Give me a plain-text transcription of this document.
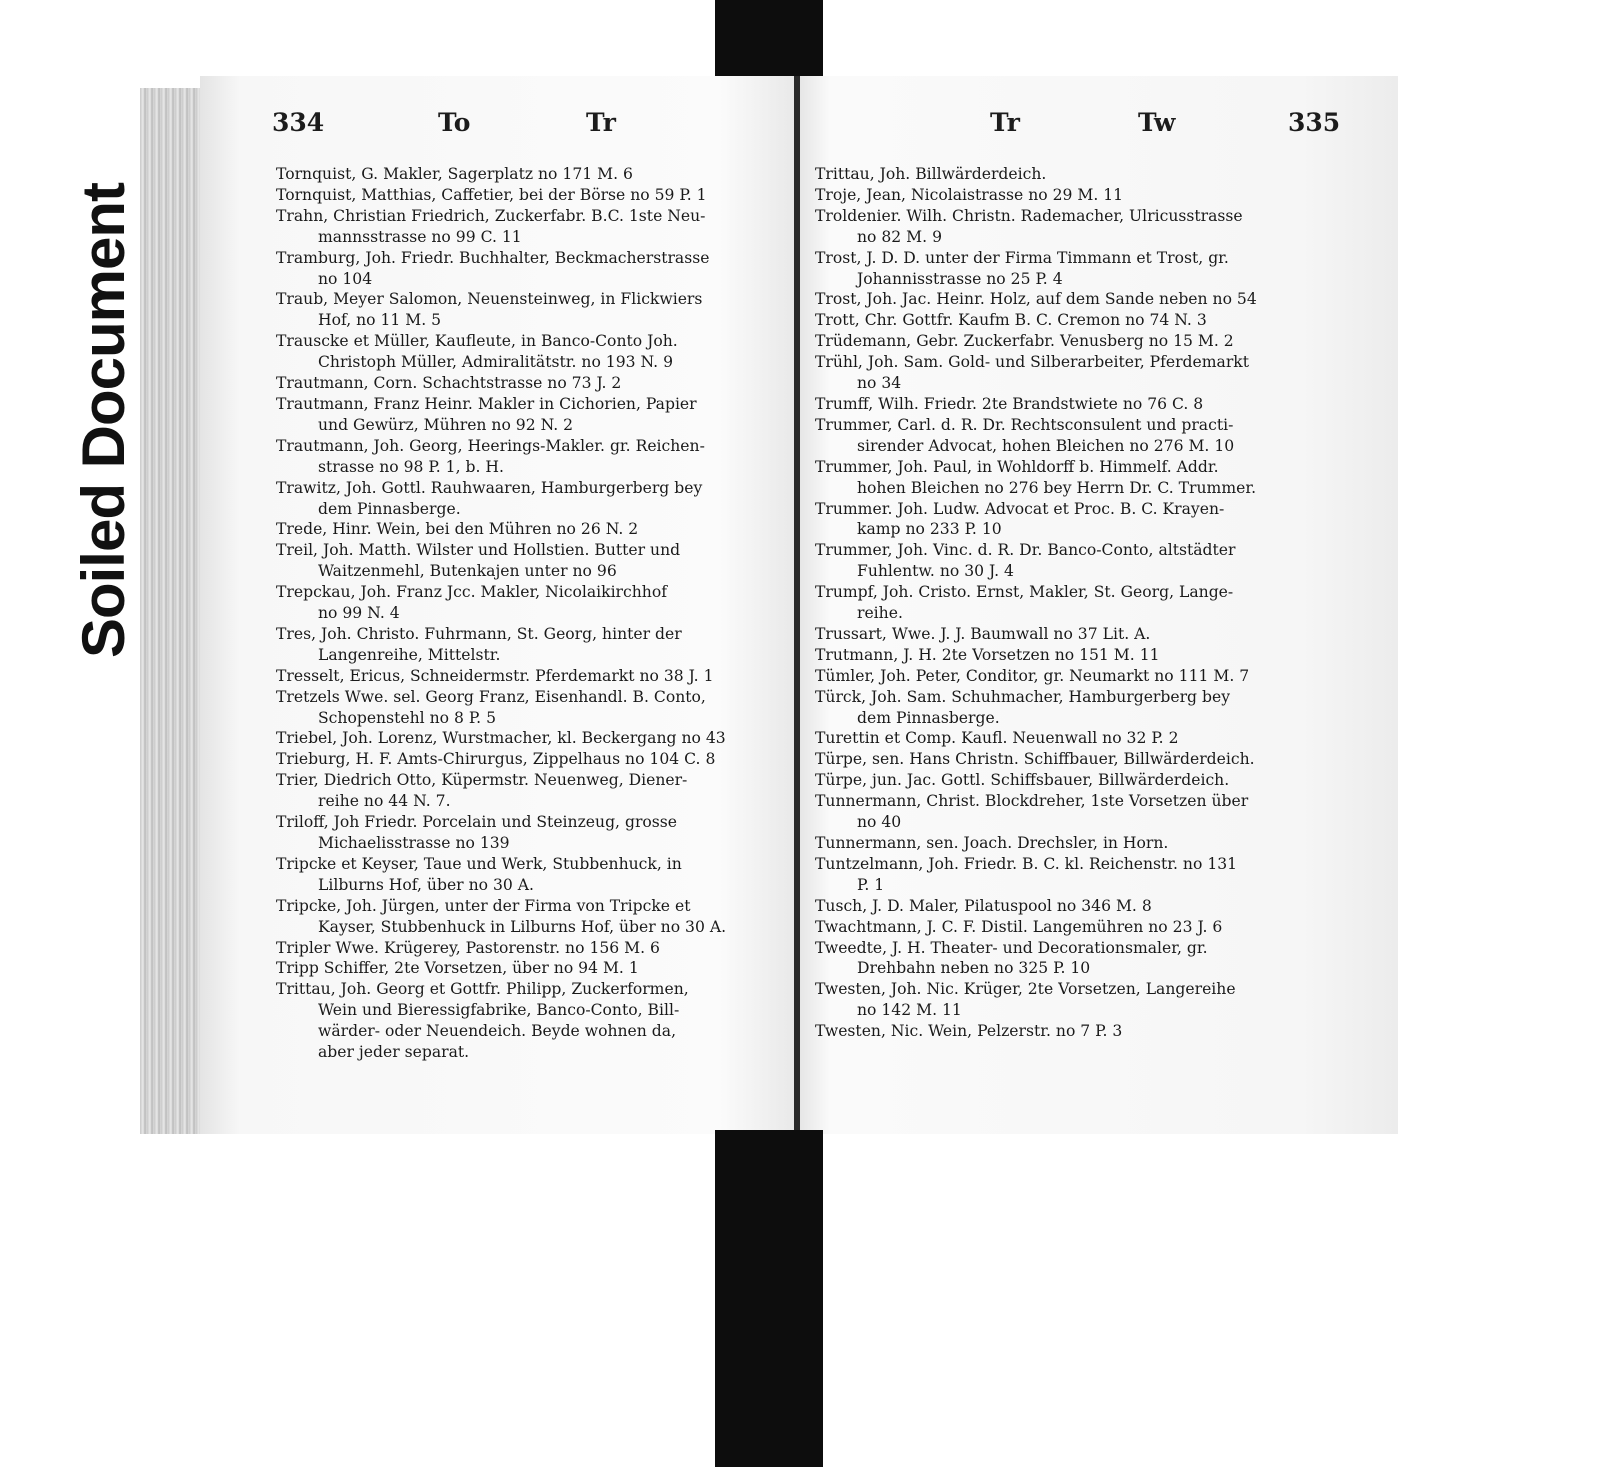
Soiled Document
334	To	Tr	Tr	Tw	335
Tornquist, G. Makler, Sagerplatz no 171 M. 6
Tornquist, Matthias, Caffetier, bei der Börse no 59 P. 1
Trahn, Christian Friedrich, Zuckerfabr. B.C. 1ste Neu-
mannsstrasse no 99 C. 11
Tramburg, Joh. Friedr. Buchhalter, Beckmacherstrasse
no 104
Traub, Meyer Salomon, Neuensteinweg, in Flickwiers
Hof, no 11 M. 5
Trauscke et Müller, Kaufleute, in Banco-Conto Joh.
Christoph Müller, Admiralitätstr. no 193 N. 9
Trautmann, Corn. Schachtstrasse no 73 J. 2
Trautmann, Franz Heinr. Makler in Cichorien, Papier
und Gewürz, Mühren no 92 N. 2
Trautmann, Joh. Georg, Heerings-Makler. gr. Reichen-
strasse no 98 P. 1, b. H.
Trawitz, Joh. Gottl. Rauhwaaren, Hamburgerberg bey
dem Pinnasberge.
Trede, Hinr. Wein, bei den Mühren no 26 N. 2
Treil, Joh. Matth. Wilster und Hollstien. Butter und
Waitzenmehl, Butenkajen unter no 96
Trepckau, Joh. Franz Jcc. Makler, Nicolaikirchhof
no 99 N. 4
Tres, Joh. Christo. Fuhrmann, St. Georg, hinter der
Langenreihe, Mittelstr.
Tresselt, Ericus, Schneidermstr. Pferdemarkt no 38 J. 1
Tretzels Wwe. sel. Georg Franz, Eisenhandl. B. Conto,
Schopenstehl no 8 P. 5
Triebel, Joh. Lorenz, Wurstmacher, kl. Beckergang no 43
Trieburg, H. F. Amts-Chirurgus, Zippelhaus no 104 C. 8
Trier, Diedrich Otto, Küpermstr. Neuenweg, Diener-
reihe no 44 N. 7.
Triloff, Joh Friedr. Porcelain und Steinzeug, grosse
Michaelisstrasse no 139
Tripcke et Keyser, Taue und Werk, Stubbenhuck, in
Lilburns Hof, über no 30 A.
Tripcke, Joh. Jürgen, unter der Firma von Tripcke et
Kayser, Stubbenhuck in Lilburns Hof, über no 30 A.
Tripler Wwe. Krügerey, Pastorenstr. no 156 M. 6
Tripp Schiffer, 2te Vorsetzen, über no 94 M. 1
Trittau, Joh. Georg et Gottfr. Philipp, Zuckerformen,
Wein und Bieressigfabrike, Banco-Conto, Bill-
wärder- oder Neuendeich. Beyde wohnen da,
aber jeder separat.
Trittau, Joh. Billwärderdeich.
Troje, Jean, Nicolaistrasse no 29 M. 11
Troldenier. Wilh. Christn. Rademacher, Ulricusstrasse
no 82 M. 9
Trost, J. D. D. unter der Firma Timmann et Trost, gr.
Johannisstrasse no 25 P. 4
Trost, Joh. Jac. Heinr. Holz, auf dem Sande neben no 54
Trott, Chr. Gottfr. Kaufm B. C. Cremon no 74 N. 3
Trüdemann, Gebr. Zuckerfabr. Venusberg no 15 M. 2
Trühl, Joh. Sam. Gold- und Silberarbeiter, Pferdemarkt
no 34
Trumff, Wilh. Friedr. 2te Brandstwiete no 76 C. 8
Trummer, Carl. d. R. Dr. Rechtsconsulent und practi-
sirender Advocat, hohen Bleichen no 276 M. 10
Trummer, Joh. Paul, in Wohldorff b. Himmelf. Addr.
hohen Bleichen no 276 bey Herrn Dr. C. Trummer.
Trummer. Joh. Ludw. Advocat et Proc. B. C. Krayen-
kamp no 233 P. 10
Trummer, Joh. Vinc. d. R. Dr. Banco-Conto, altstädter
Fuhlentw. no 30 J. 4
Trumpf, Joh. Cristo. Ernst, Makler, St. Georg, Lange-
reihe.
Trussart, Wwe. J. J. Baumwall no 37 Lit. A.
Trutmann, J. H. 2te Vorsetzen no 151 M. 11
Tümler, Joh. Peter, Conditor, gr. Neumarkt no 111 M. 7
Türck, Joh. Sam. Schuhmacher, Hamburgerberg bey
dem Pinnasberge.
Turettin et Comp. Kaufl. Neuenwall no 32 P. 2
Türpe, sen. Hans Christn. Schiffbauer, Billwärderdeich.
Türpe, jun. Jac. Gottl. Schiffsbauer, Billwärderdeich.
Tunnermann, Christ. Blockdreher, 1ste Vorsetzen über
no 40
Tunnermann, sen. Joach. Drechsler, in Horn.
Tuntzelmann, Joh. Friedr. B. C. kl. Reichenstr. no 131
P. 1
Tusch, J. D. Maler, Pilatuspool no 346 M. 8
Twachtmann, J. C. F. Distil. Langemühren no 23 J. 6
Tweedte, J. H. Theater- und Decorationsmaler, gr.
Drehbahn neben no 325 P. 10
Twesten, Joh. Nic. Krüger, 2te Vorsetzen, Langereihe
no 142 M. 11
Twesten, Nic. Wein, Pelzerstr. no 7 P. 3
